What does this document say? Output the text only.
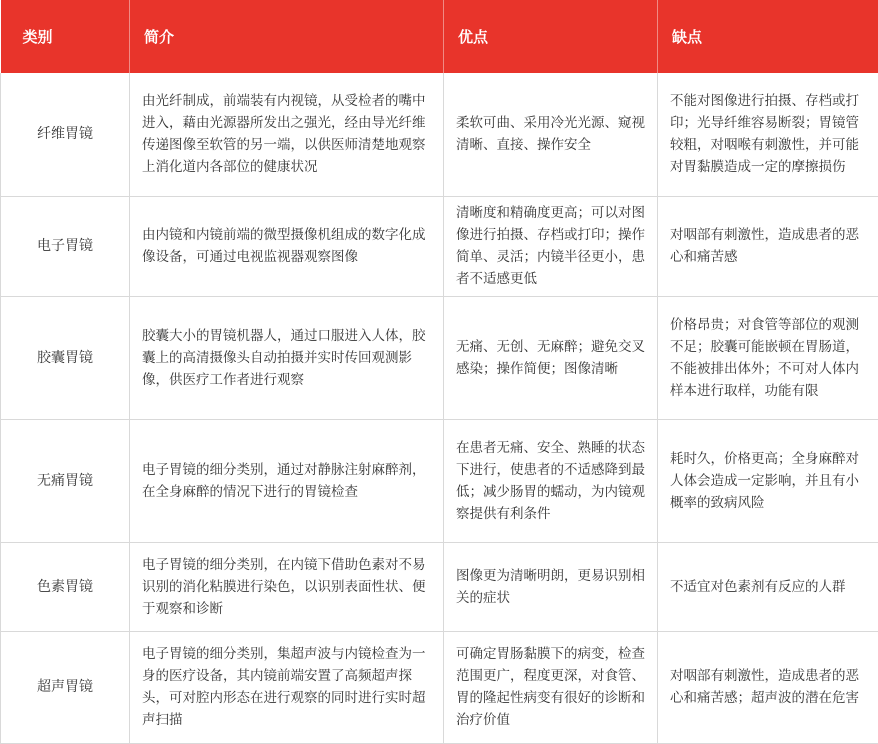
类别	简介	优点	缺点
纤维胃镜	由光纤制成，前端装有内视镜，从受检者的嘴中进入，藉由光源器所发出之强光，经由导光纤维传递图像至软管的另一端，以供医师清楚地观察上消化道内各部位的健康状况	柔软可曲、采用冷光光源、窥视清晰、直接、操作安全	不能对图像进行拍摄、存档或打印；光导纤维容易断裂；胃镜管较粗，对咽喉有刺激性，并可能对胃黏膜造成一定的摩擦损伤
电子胃镜	由内镜和内镜前端的微型摄像机组成的数字化成像设备，可通过电视监视器观察图像	清晰度和精确度更高；可以对图像进行拍摄、存档或打印；操作简单、灵活；内镜半径更小，患者不适感更低	对咽部有刺激性，造成患者的恶心和痛苦感
胶囊胃镜	胶囊大小的胃镜机器人，通过口服进入人体，胶囊上的高清摄像头自动拍摄并实时传回观测影像，供医疗工作者进行观察	无痛、无创、无麻醉；避免交叉感染；操作简便；图像清晰	价格昂贵；对食管等部位的观测不足；胶囊可能嵌顿在胃肠道，不能被排出体外；不可对人体内样本进行取样，功能有限
无痛胃镜	电子胃镜的细分类别，通过对静脉注射麻醉剂，在全身麻醉的情况下进行的胃镜检查	在患者无痛、安全、熟睡的状态下进行，使患者的不适感降到最低；减少肠胃的蠕动，为内镜观察提供有利条件	耗时久，价格更高；全身麻醉对人体会造成一定影响，并且有小概率的致病风险
色素胃镜	电子胃镜的细分类别，在内镜下借助色素对不易识别的消化粘膜进行染色，以识别表面性状、便于观察和诊断	图像更为清晰明朗，更易识别相关的症状	不适宜对色素剂有反应的人群
超声胃镜	电子胃镜的细分类别，集超声波与内镜检查为一身的医疗设备，其内镜前端安置了高频超声探头，可对腔内形态在进行观察的同时进行实时超声扫描	可确定胃肠黏膜下的病变，检查范围更广，程度更深，对食管、胃的隆起性病变有很好的诊断和治疗价值	对咽部有刺激性，造成患者的恶心和痛苦感；超声波的潜在危害
